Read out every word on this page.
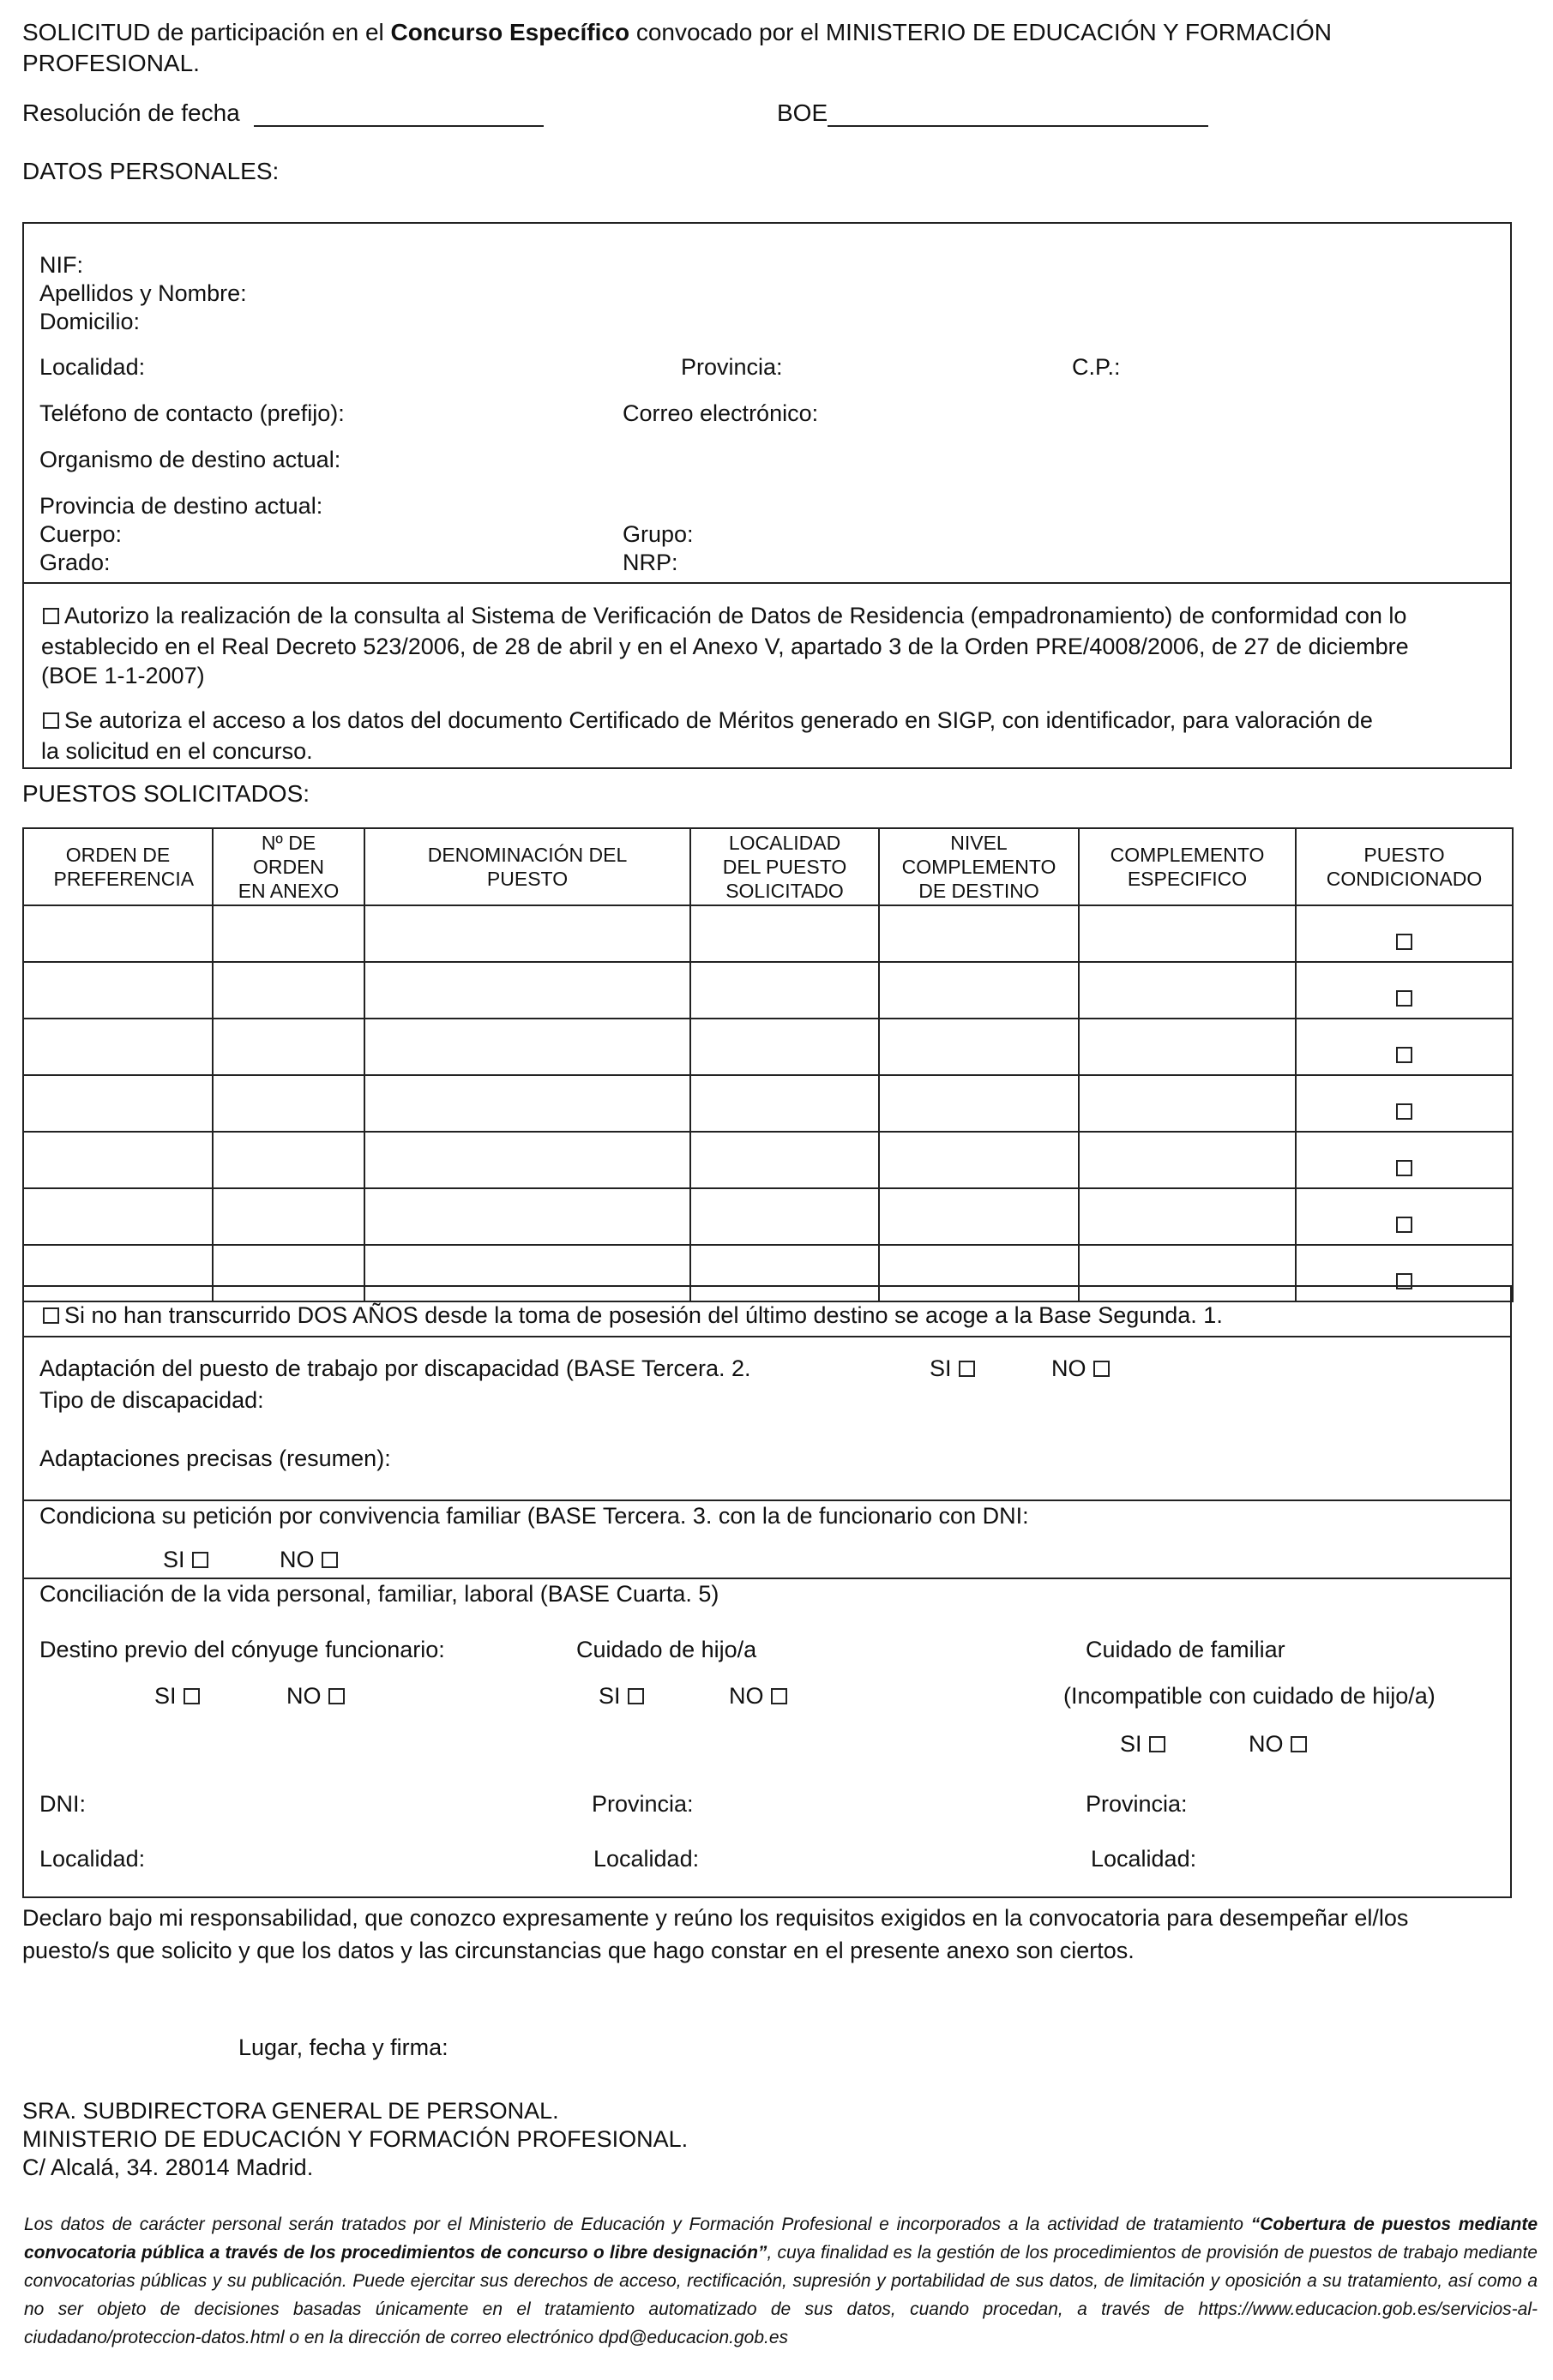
SOLICITUD de participación en el Concurso Específico convocado por el MINISTERIO DE EDUCACIÓN Y FORMACIÓN
PROFESIONAL.
Resolución de fecha	BOE
DATOS PERSONALES:
NIF:
Apellidos y Nombre:
Domicilio:
Localidad:	Provincia:	C.P.:
Teléfono de contacto (prefijo):	Correo electrónico:
Organismo de destino actual:
Provincia de destino actual:
Cuerpo:	Grupo:
Grado:	NRP:
Autorizo la realización de la consulta al Sistema de Verificación de Datos de Residencia (empadronamiento) de conformidad con lo
establecido en el Real Decreto 523/2006, de 28 de abril y en el Anexo V, apartado 3 de la Orden PRE/4008/2006, de 27 de diciembre
(BOE 1-1-2007)
Se autoriza el acceso a los datos del documento Certificado de Méritos generado en SIGP, con identificador, para valoración de
la solicitud en el concurso.
PUESTOS SOLICITADOS:
ORDEN DE PREFERENCIA	Nº DE ORDEN EN ANEXO	DENOMINACIÓN DEL PUESTO	LOCALIDAD DEL PUESTO SOLICITADO	NIVEL COMPLEMENTO DE DESTINO	COMPLEMENTO ESPECIFICO	PUESTO CONDICIONADO

Si no han transcurrido DOS AÑOS desde la toma de posesión del último destino se acoge a la Base Segunda. 1.
Adaptación del puesto de trabajo por discapacidad (BASE Tercera. 2.	SI	NO
Tipo de discapacidad:
Adaptaciones precisas (resumen):
Condiciona su petición por convivencia familiar (BASE Tercera. 3. con la de funcionario con DNI:
SI	NO
Conciliación de la vida personal, familiar, laboral (BASE Cuarta. 5)
Destino previo del cónyuge funcionario:	Cuidado de hijo/a	Cuidado de familiar
SI	NO	SI	NO	(Incompatible con cuidado de hijo/a)
SI	NO
DNI:	Provincia:	Provincia:
Localidad:	Localidad:	Localidad:
Declaro bajo mi responsabilidad, que conozco expresamente y reúno los requisitos exigidos en la convocatoria para desempeñar el/los
puesto/s que solicito y que los datos y las circunstancias que hago constar en el presente anexo son ciertos.
Lugar, fecha y firma:
SRA. SUBDIRECTORA GENERAL DE PERSONAL.
MINISTERIO DE EDUCACIÓN Y FORMACIÓN PROFESIONAL.
C/ Alcalá, 34. 28014 Madrid.
Los datos de carácter personal serán tratados por el Ministerio de Educación y Formación Profesional e incorporados a la actividad de tratamiento “Cobertura de puestos mediante convocatoria pública a través de los procedimientos de concurso o libre designación”, cuya finalidad es la gestión de los procedimientos de provisión de puestos de trabajo mediante convocatorias públicas y su publicación. Puede ejercitar sus derechos de acceso, rectificación, supresión y portabilidad de sus datos, de limitación y oposición a su tratamiento, así como a no ser objeto de decisiones basadas únicamente en el tratamiento automatizado de sus datos, cuando procedan, a través de https://www.educacion.gob.es/servicios-al-ciudadano/proteccion-datos.html o en la dirección de correo electrónico dpd@educacion.gob.es
